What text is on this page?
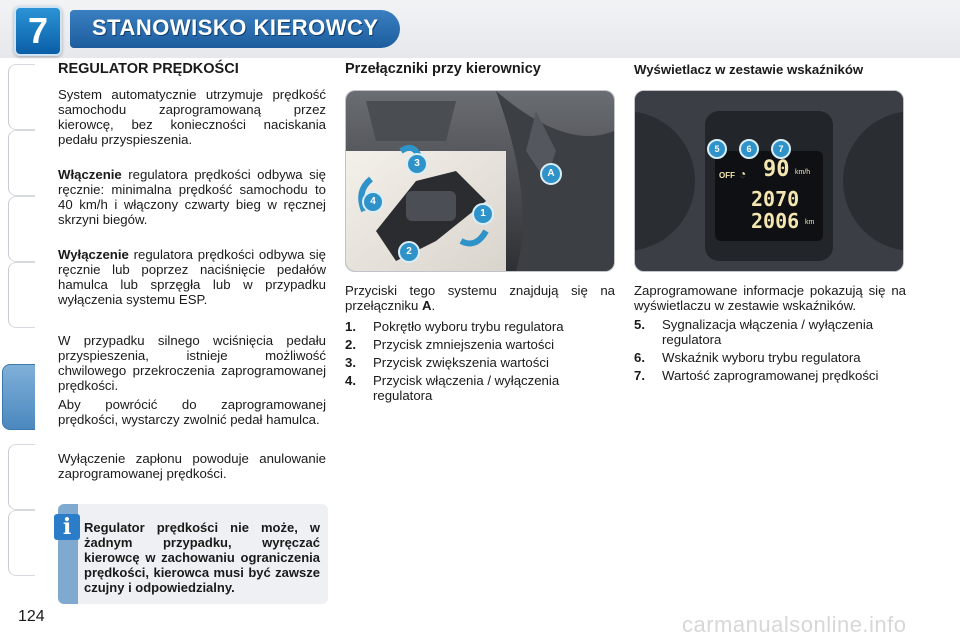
7	STANOWISKO KIEROWCY
REGULATOR PRĘDKOŚCI

System automatycznie utrzymuje prędkość samochodu zaprogramowaną przez kierowcę, bez konieczności naciskania pedału przyspieszenia.

Włączenie regulatora prędkości odbywa się ręcznie: minimalna prędkość samochodu to 40 km/h i włączony czwarty bieg w ręcznej skrzyni biegów.

Wyłączenie regulatora prędkości odbywa się ręcznie lub poprzez naciśnięcie pedałów hamulca lub sprzęgła lub w przypadku wyłączenia systemu ESP.

W przypadku silnego wciśnięcia pedału przyspieszenia, istnieje możliwość chwilowego przekroczenia zaprogramowanej prędkości.

Aby powrócić do zaprogramowanej prędkości, wystarczy zwolnić pedał hamulca.

Wyłączenie zapłonu powoduje anulowanie zaprogramowanej prędkości.

i Regulator prędkości nie może, w żadnym przypadku, wyręczać kierowcę w zachowaniu ograniczenia prędkości, kierowca musi być zawsze czujny i odpowiedzialny.
Przełączniki przy kierownicy
3
4
1
2
A

Przyciski tego systemu znajdują się na przełączniku A.

1.	Pokrętło wyboru trybu regulatora
2.	Przycisk zmniejszenia wartości
3.	Przycisk zwiększenia wartości
4.	Przycisk włączenia / wyłączenia regulatora
Wyświetlacz w zestawie wskaźników
5	6	7
OFF ◔ 90 km/h
2070
2006 km

Zaprogramowane informacje pokazują się na wyświetlaczu w zestawie wskaźników.

5.	Sygnalizacja włączenia / wyłączenia regulatora
6.	Wskaźnik wyboru trybu regulatora
7.	Wartość zaprogramowanej prędkości
124	carmanualsonline.info
